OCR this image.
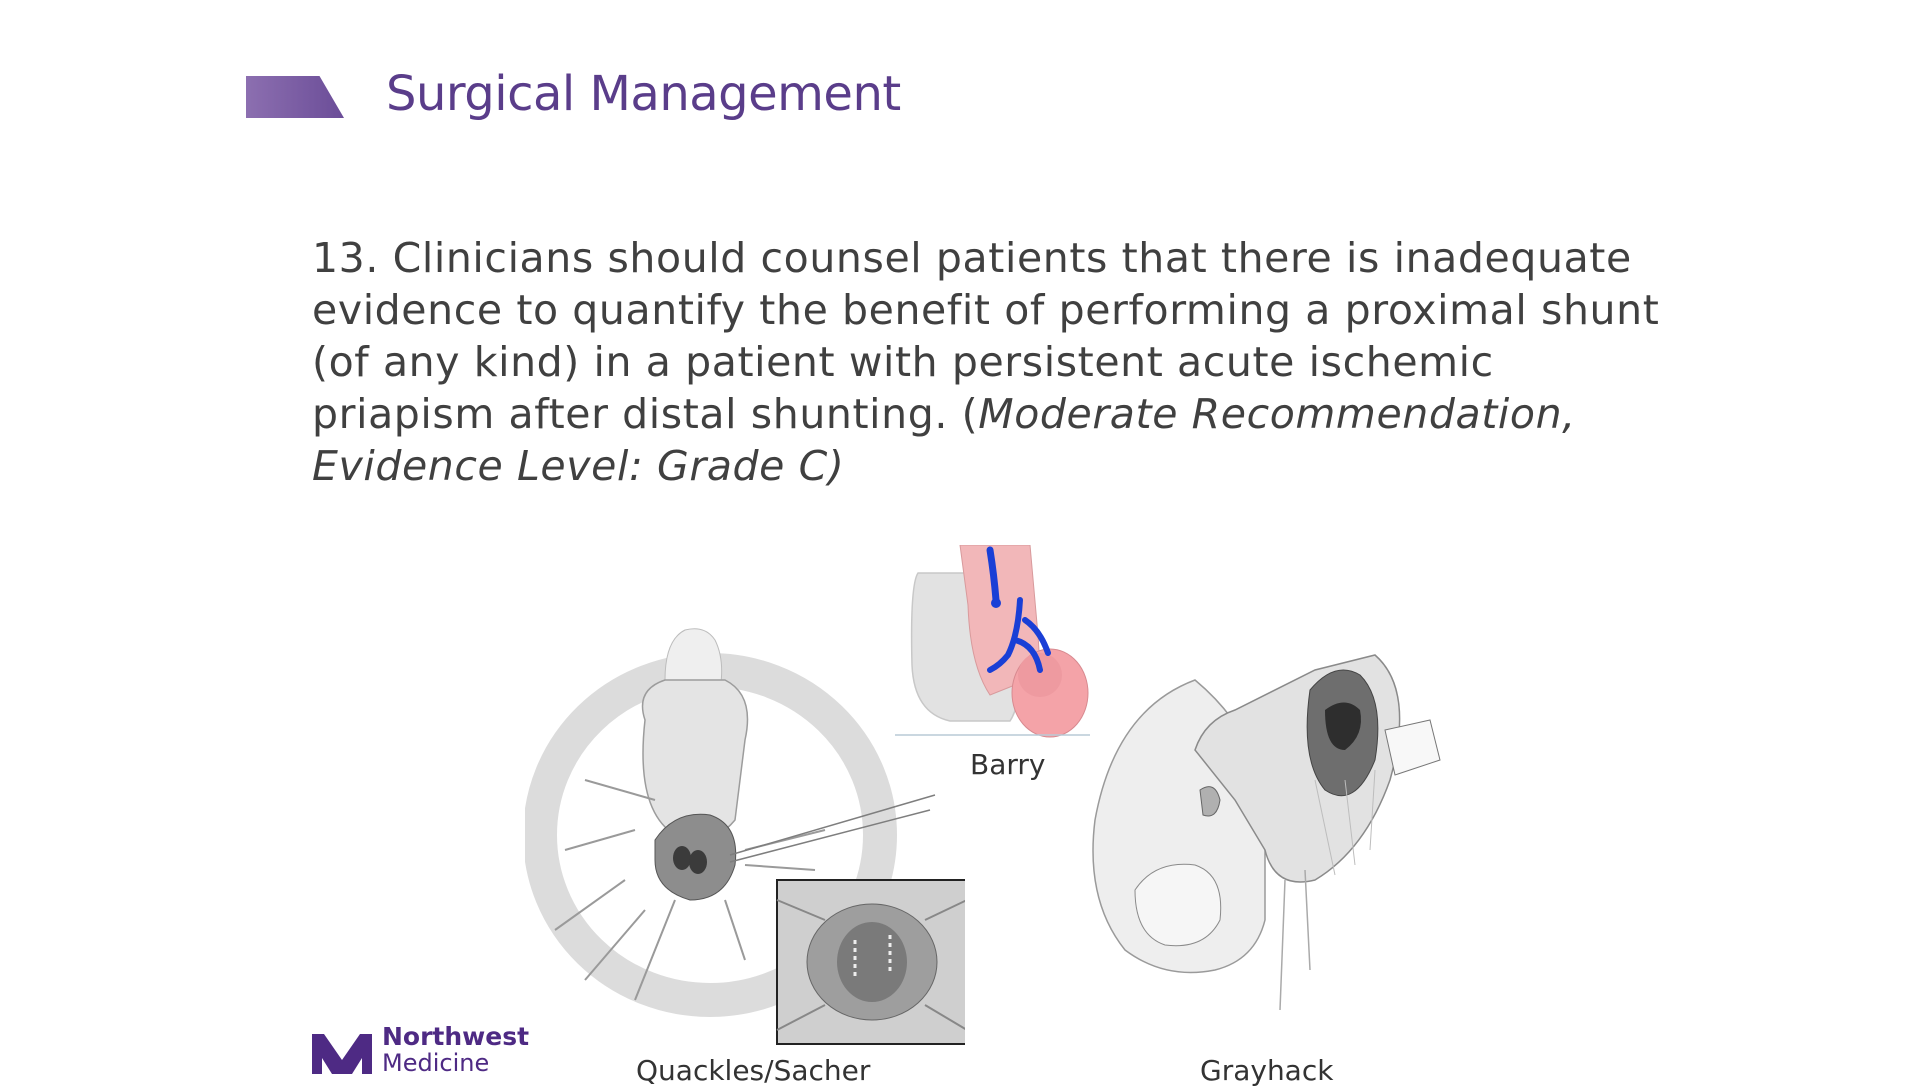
Surgical Management
13. Clinicians should counsel patients that there is inadequate evidence to quantify the benefit of performing a proximal shunt (of any kind) in a patient with persistent acute ischemic priapism after distal shunting. (Moderate Recommendation, Evidence Level: Grade C)
Barry
Quackles/Sacher	Grayhack
Northwest
Medicine
